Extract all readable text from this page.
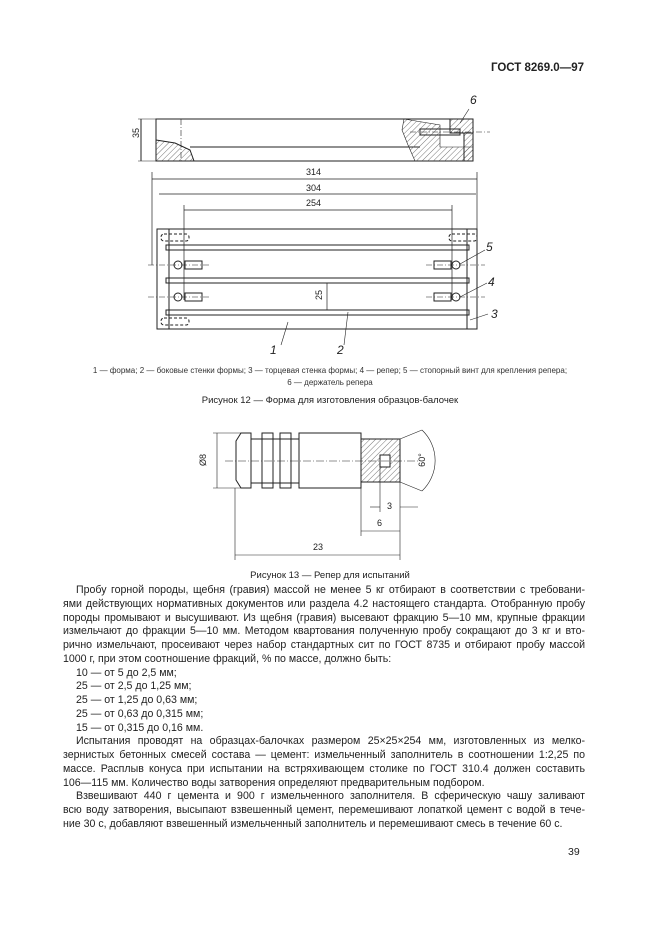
ГОСТ 8269.0—97
35
314
304
254
25
1	2
3
4
5
6
1 — форма; 2 — боковые стенки формы; 3 — торцевая стенка формы; 4 — репер; 5 — стопорный винт для крепления репера;
6 — держатель репера
Рисунок 12 — Форма для изготовления образцов-балочек
Ø8
3
6
23
60°
Рисунок 13 — Репер для испытаний
Пробу горной породы, щебня (гравия) массой не менее 5 кг отбирают в соответствии с требовани-
ями действующих нормативных документов или раздела 4.2 настоящего стандарта. Отобранную пробу
породы промывают и высушивают. Из щебня (гравия) высевают фракцию 5—10 мм, крупные фракции
измельчают до фракции 5—10 мм. Методом квартования полученную пробу сокращают до 3 кг и вто-
рично измельчают, просеивают через набор стандартных сит по ГОСТ 8735 и отбирают пробу массой
1000 г, при этом соотношение фракций, % по массе, должно быть:
10 — от 5 до 2,5 мм;
25 — от 2,5 до 1,25 мм;
25 — от 1,25 до 0,63 мм;
25 — от 0,63 до 0,315 мм;
15 — от 0,315 до 0,16 мм.
Испытания проводят на образцах-балочках размером 25×25×254 мм, изготовленных из мелко-
зернистых бетонных смесей состава — цемент: измельченный заполнитель в соотношении 1:2,25 по
массе. Расплыв конуса при испытании на встряхивающем столике по ГОСТ 310.4 должен составить
106—115 мм. Количество воды затворения определяют предварительным подбором.
Взвешивают 440 г цемента и 900 г измельченного заполнителя. В сферическую чашу заливают
всю воду затворения, высыпают взвешенный цемент, перемешивают лопаткой цемент с водой в тече-
ние 30 с, добавляют взвешенный измельченный заполнитель и перемешивают смесь в течение 60 с.
39
